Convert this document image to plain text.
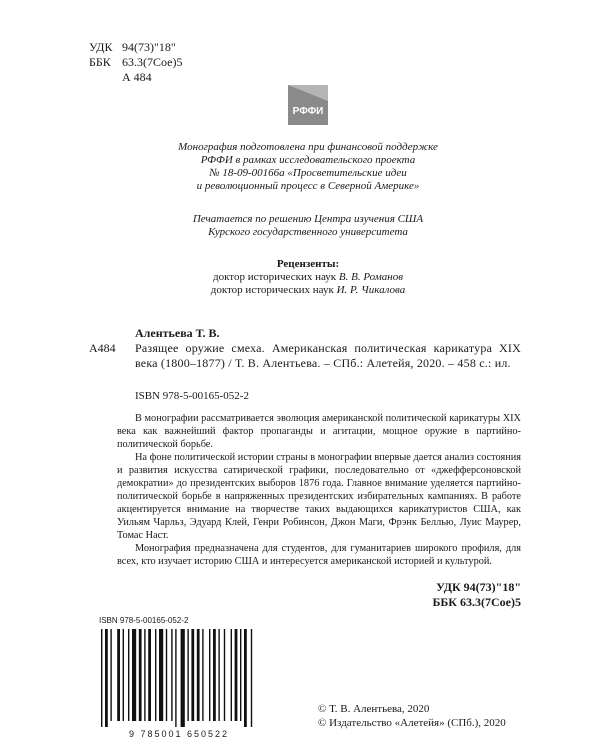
УДК 94(73)"18"
ББК 63.3(7Сое)5
А 484
РФФИ
Монография подготовлена при финансовой поддержке
РФФИ в рамках исследовательского проекта
№ 18-09-00166а «Просветительские идеи
и революционный процесс в Северной Америке»
Печатается по решению Центра изучения США
Курского государственного университета
Рецензенты:
доктор исторических наук В. В. Романов
доктор исторических наук И. Р. Чикалова
А484
Алентьева Т. В.
Разящее оружие смеха. Американская политическая карикатура XIX века (1800–1877) / Т. В. Алентьева. – СПб.: Алетейя, 2020. – 458 с.: ил.
ISBN 978-5-00165-052-2

В монографии рассматривается эволюция американской политической карикатуры XIX века как важнейший фактор пропаганды и агитации, мощное оружие в партийно-политической борьбе.

На фоне политической истории страны в монографии впервые дается анализ состояния и развития искусства сатирической графики, последовательно от «джефферсоновской демократии» до президентских выборов 1876 года. Главное внимание уделяется партийно-политической борьбе в напряженных президентских избирательных кампаниях. В работе акцентируется внимание на творчестве таких выдающихся карикатуристов США, как Уильям Чарльз, Эдуард Клей, Генри Робинсон, Джон Маги, Фрэнк Беллью, Луис Маурер, Томас Наст.

Монография предназначена для студентов, для гуманитариев широкого профиля, для всех, кто изучает историю США и интересуется американской историей и культурой.

УДК 94(73)"18"
ББК 63.3(7Сое)5
ISBN 978-5-00165-052-2
9 785001 650522
© Т. В. Алентьева, 2020
© Издательство «Алетейя» (СПб.), 2020
